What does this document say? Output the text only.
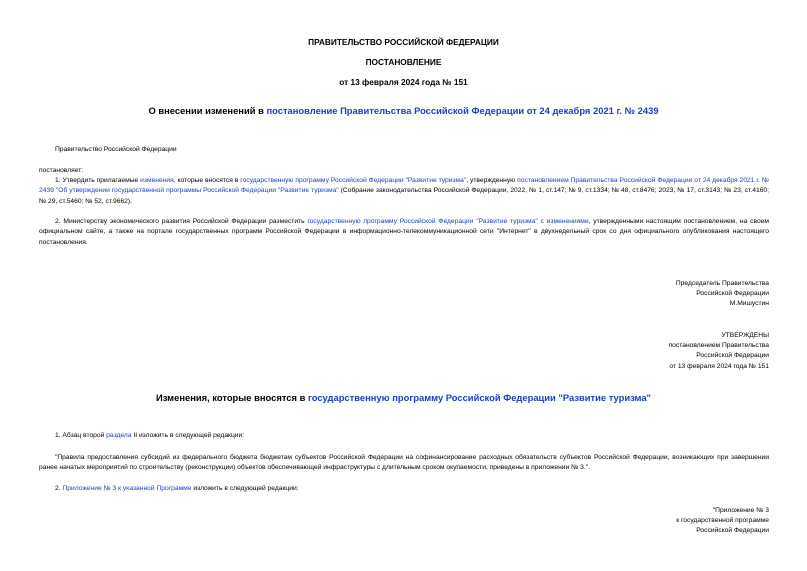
ПРАВИТЕЛЬСТВО РОССИЙСКОЙ ФЕДЕРАЦИИ
ПОСТАНОВЛЕНИЕ
от 13 февраля 2024 года № 151
О внесении изменений в постановление Правительства Российской Федерации от 24 декабря 2021 г. № 2439
Правительство Российской Федерации
постановляет:
1. Утвердить прилагаемые изменения, которые вносятся в государственную программу Российской Федерации "Развитие туризма", утвержденную постановлением Правительства Российской Федерации от 24 декабря 2021 г. № 2439 "Об утверждении государственной программы Российской Федерации "Развитие туризма" (Собрание законодательства Российской Федерации, 2022, № 1, ст.147; № 9, ст.1334; № 48, ст.8476; 2023, № 17, ст.3143; № 23, ст.4160; № 29, ст.5460; № 52, ст.9662).
2. Министерству экономического развития Российской Федерации разместить государственную программу Российской Федерации "Развитие туризма" с изменениями, утвержденными настоящим постановлением, на своем официальном сайте, а также на портале государственных программ Российской Федерации в информационно-телекоммуникационной сети "Интернет" в двухнедельный срок со дня официального опубликования настоящего постановления.
Председатель Правительства
Российской Федерации
М.Мишустин
УТВЕРЖДЕНЫ
постановлением Правительства
Российской Федерации
от 13 февраля 2024 года № 151
Изменения, которые вносятся в государственную программу Российской Федерации "Развитие туризма"
1. Абзац второй раздела II изложить в следующей редакции:
"Правила предоставления субсидий из федерального бюджета бюджетам субъектов Российской Федерации на софинансирование расходных обязательств субъектов Российской Федерации, возникающих при завершении ранее начатых мероприятий по строительству (реконструкции) объектов обеспечивающей инфраструктуры с длительным сроком окупаемости, приведены в приложении № 3.".
2. Приложение № 3 к указанной Программе изложить в следующей редакции:
"Приложение № 3
к государственной программе
Российской Федерации
